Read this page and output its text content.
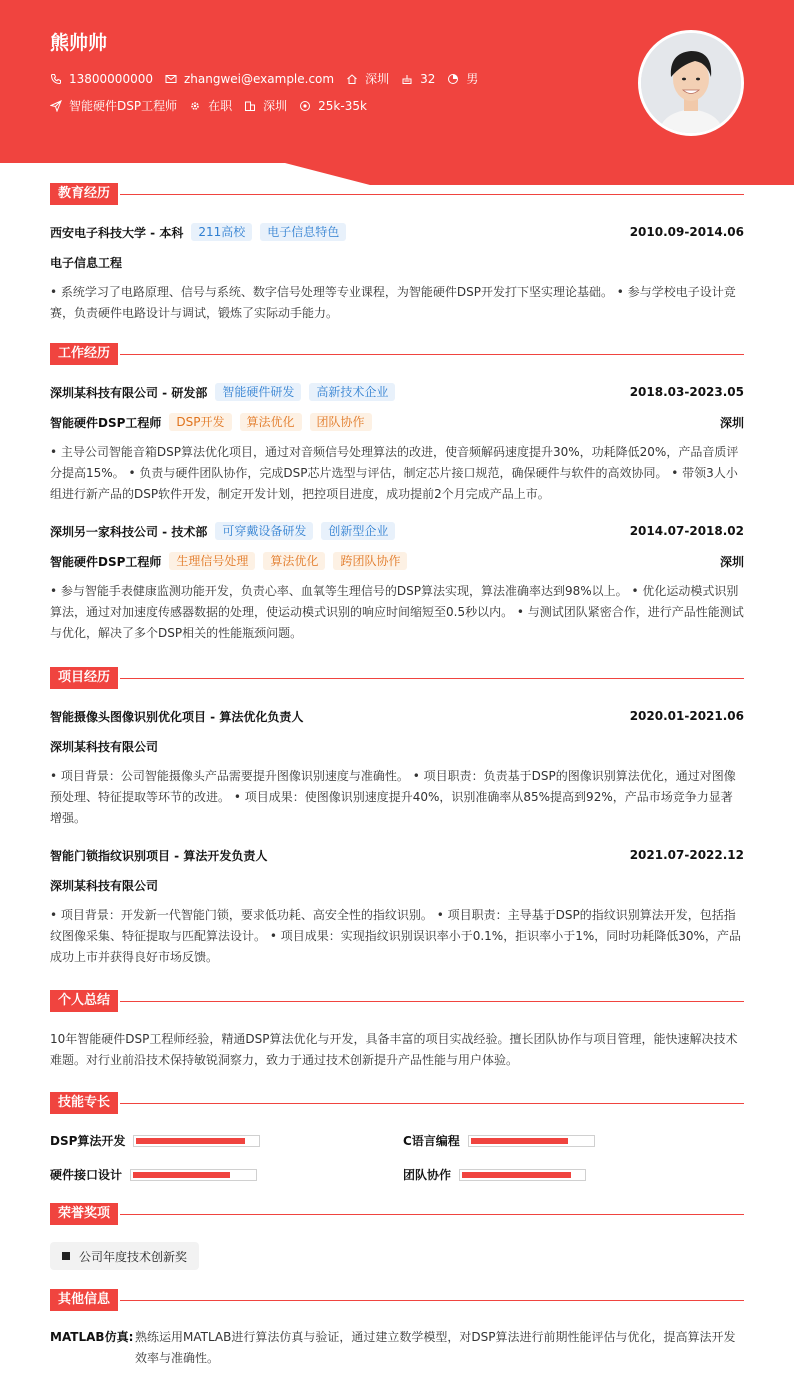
熊帅帅
13800000000	zhangwei@example.com	深圳	32	男
智能硬件DSP工程师	在职	深圳	25k-35k
教育经历
西安电子科技大学 - 本科	211高校	电子信息特色	2010.09-2014.06
电子信息工程
• 系统学习了电路原理、信号与系统、数字信号处理等专业课程，为智能硬件DSP开发打下坚实理论基础。 • 参与学校电子设计竞赛，负责硬件电路设计与调试，锻炼了实际动手能力。
工作经历
深圳某科技有限公司 - 研发部	智能硬件研发	高新技术企业	2018.03-2023.05
智能硬件DSP工程师	DSP开发	算法优化	团队协作	深圳
• 主导公司智能音箱DSP算法优化项目，通过对音频信号处理算法的改进，使音频解码速度提升30%，功耗降低20%，产品音质评分提高15%。 • 负责与硬件团队协作，完成DSP芯片选型与评估，制定芯片接口规范，确保硬件与软件的高效协同。 • 带领3人小组进行新产品的DSP软件开发，制定开发计划，把控项目进度，成功提前2个月完成产品上市。
深圳另一家科技公司 - 技术部	可穿戴设备研发	创新型企业	2014.07-2018.02
智能硬件DSP工程师	生理信号处理	算法优化	跨团队协作	深圳
• 参与智能手表健康监测功能开发，负责心率、血氧等生理信号的DSP算法实现，算法准确率达到98%以上。 • 优化运动模式识别算法，通过对加速度传感器数据的处理，使运动模式识别的响应时间缩短至0.5秒以内。 • 与测试团队紧密合作，进行产品性能测试与优化，解决了多个DSP相关的性能瓶颈问题。
项目经历
智能摄像头图像识别优化项目 - 算法优化负责人	2020.01-2021.06
深圳某科技有限公司
• 项目背景：公司智能摄像头产品需要提升图像识别速度与准确性。 • 项目职责：负责基于DSP的图像识别算法优化，通过对图像预处理、特征提取等环节的改进。 • 项目成果：使图像识别速度提升40%，识别准确率从85%提高到92%，产品市场竞争力显著增强。
智能门锁指纹识别项目 - 算法开发负责人	2021.07-2022.12
深圳某科技有限公司
• 项目背景：开发新一代智能门锁，要求低功耗、高安全性的指纹识别。 • 项目职责：主导基于DSP的指纹识别算法开发，包括指纹图像采集、特征提取与匹配算法设计。 • 项目成果：实现指纹识别误识率小于0.1%，拒识率小于1%，同时功耗降低30%，产品成功上市并获得良好市场反馈。
个人总结
10年智能硬件DSP工程师经验，精通DSP算法优化与开发，具备丰富的项目实战经验。擅长团队协作与项目管理，能快速解决技术难题。对行业前沿技术保持敏锐洞察力，致力于通过技术创新提升产品性能与用户体验。
技能专长
DSP算法开发	C语言编程
硬件接口设计	团队协作
荣誉奖项
公司年度技术创新奖
其他信息
MATLAB仿真: 熟练运用MATLAB进行算法仿真与验证，通过建立数学模型，对DSP算法进行前期性能评估与优化，提高算法开发效率与准确性。
